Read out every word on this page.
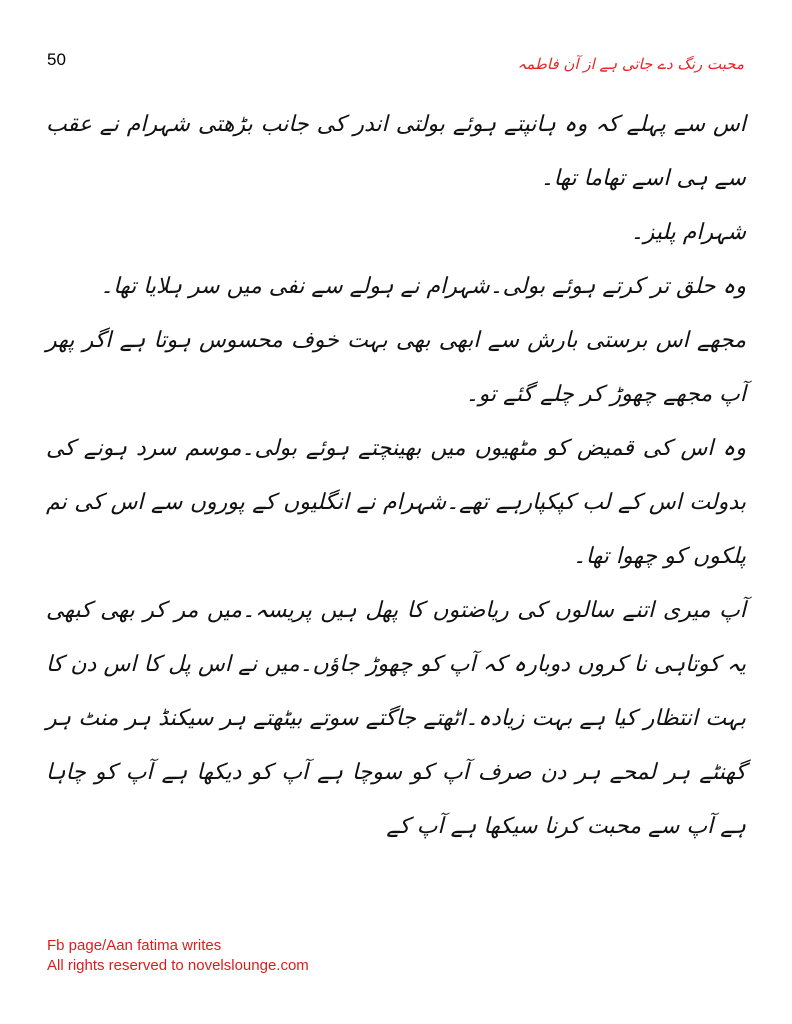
50	محبت رنگ دے جاتی ہے از آن فاطمہ

اس سے پہلے کہ وہ ہانپتے ہوئے بولتی اندر کی جانب بڑھتی شہرام نے عقب سے ہی اسے تھاما تھا۔

شہرام پلیز۔

وہ حلق تر کرتے ہوئے بولی۔شہرام نے ہولے سے نفی میں سر ہلایا تھا۔

مجھے اس برستی بارش سے ابھی بھی بہت خوف محسوس ہوتا ہے اگر پھر آپ مجھے چھوڑ کر چلے گئے تو۔

وہ اس کی قمیض کو مٹھیوں میں بھینچتے ہوئے بولی۔موسم سرد ہونے کی بدولت اس کے لب کپکپارہے تھے۔شہرام نے انگلیوں کے پوروں سے اس کی نم پلکوں کو چھوا تھا۔

آپ میری اتنے سالوں کی ریاضتوں کا پھل ہیں پریسہ۔میں مر کر بھی کبھی یہ کوتاہی نا کروں دوبارہ کہ آپ کو چھوڑ جاؤں۔میں نے اس پل کا اس دن کا بہت انتظار کیا ہے بہت زیادہ۔اٹھتے جاگتے سوتے بیٹھتے ہر سیکنڈ ہر منٹ ہر گھنٹے ہر لمحے ہر دن صرف آپ کو سوچا ہے آپ کو دیکھا ہے آپ کو چاہا ہے آپ سے محبت کرنا سیکھا ہے آپ کے

Fb page/Aan fatima writes
All rights reserved to novelslounge.com
